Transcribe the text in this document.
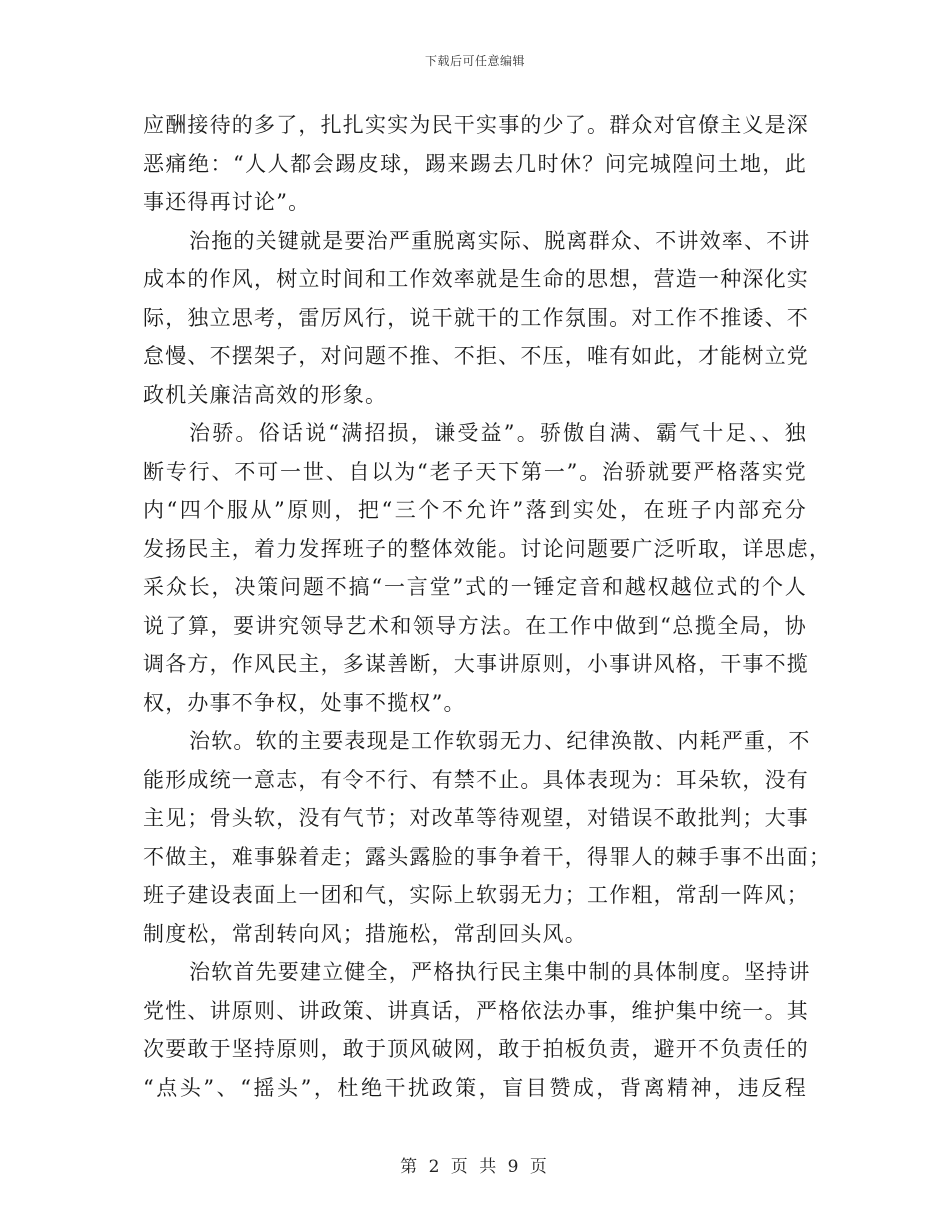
下载后可任意编辑
应酬接待的多了，扎扎实实为民干实事的少了。群众对官僚主义是深
恶痛绝：“人人都会踢皮球，踢来踢去几时休？问完城隍问土地，此
事还得再讨论”。
治拖的关键就是要治严重脱离实际、脱离群众、不讲效率、不讲
成本的作风，树立时间和工作效率就是生命的思想，营造一种深化实
际，独立思考，雷厉风行，说干就干的工作氛围。对工作不推诿、不
怠慢、不摆架子，对问题不推、不拒、不压，唯有如此，才能树立党
政机关廉洁高效的形象。
治骄。俗话说“满招损，谦受益”。骄傲自满、霸气十足、、独
断专行、不可一世、自以为“老子天下第一”。治骄就要严格落实党
内“四个服从”原则，把“三个不允许”落到实处，在班子内部充分
发扬民主，着力发挥班子的整体效能。讨论问题要广泛听取，详思虑，
采众长，决策问题不搞“一言堂”式的一锤定音和越权越位式的个人
说了算，要讲究领导艺术和领导方法。在工作中做到“总揽全局，协
调各方，作风民主，多谋善断，大事讲原则，小事讲风格，干事不揽
权，办事不争权，处事不揽权”。
治软。软的主要表现是工作软弱无力、纪律涣散、内耗严重，不
能形成统一意志，有令不行、有禁不止。具体表现为：耳朵软，没有
主见；骨头软，没有气节；对改革等待观望，对错误不敢批判；大事
不做主，难事躲着走；露头露脸的事争着干，得罪人的棘手事不出面；
班子建设表面上一团和气，实际上软弱无力；工作粗，常刮一阵风；
制度松，常刮转向风；措施松，常刮回头风。
治软首先要建立健全，严格执行民主集中制的具体制度。坚持讲
党性、讲原则、讲政策、讲真话，严格依法办事，维护集中统一。其
次要敢于坚持原则，敢于顶风破网，敢于拍板负责，避开不负责任的
“点头”、“摇头”，杜绝干扰政策，盲目赞成，背离精神，违反程
第 2 页 共 9 页
